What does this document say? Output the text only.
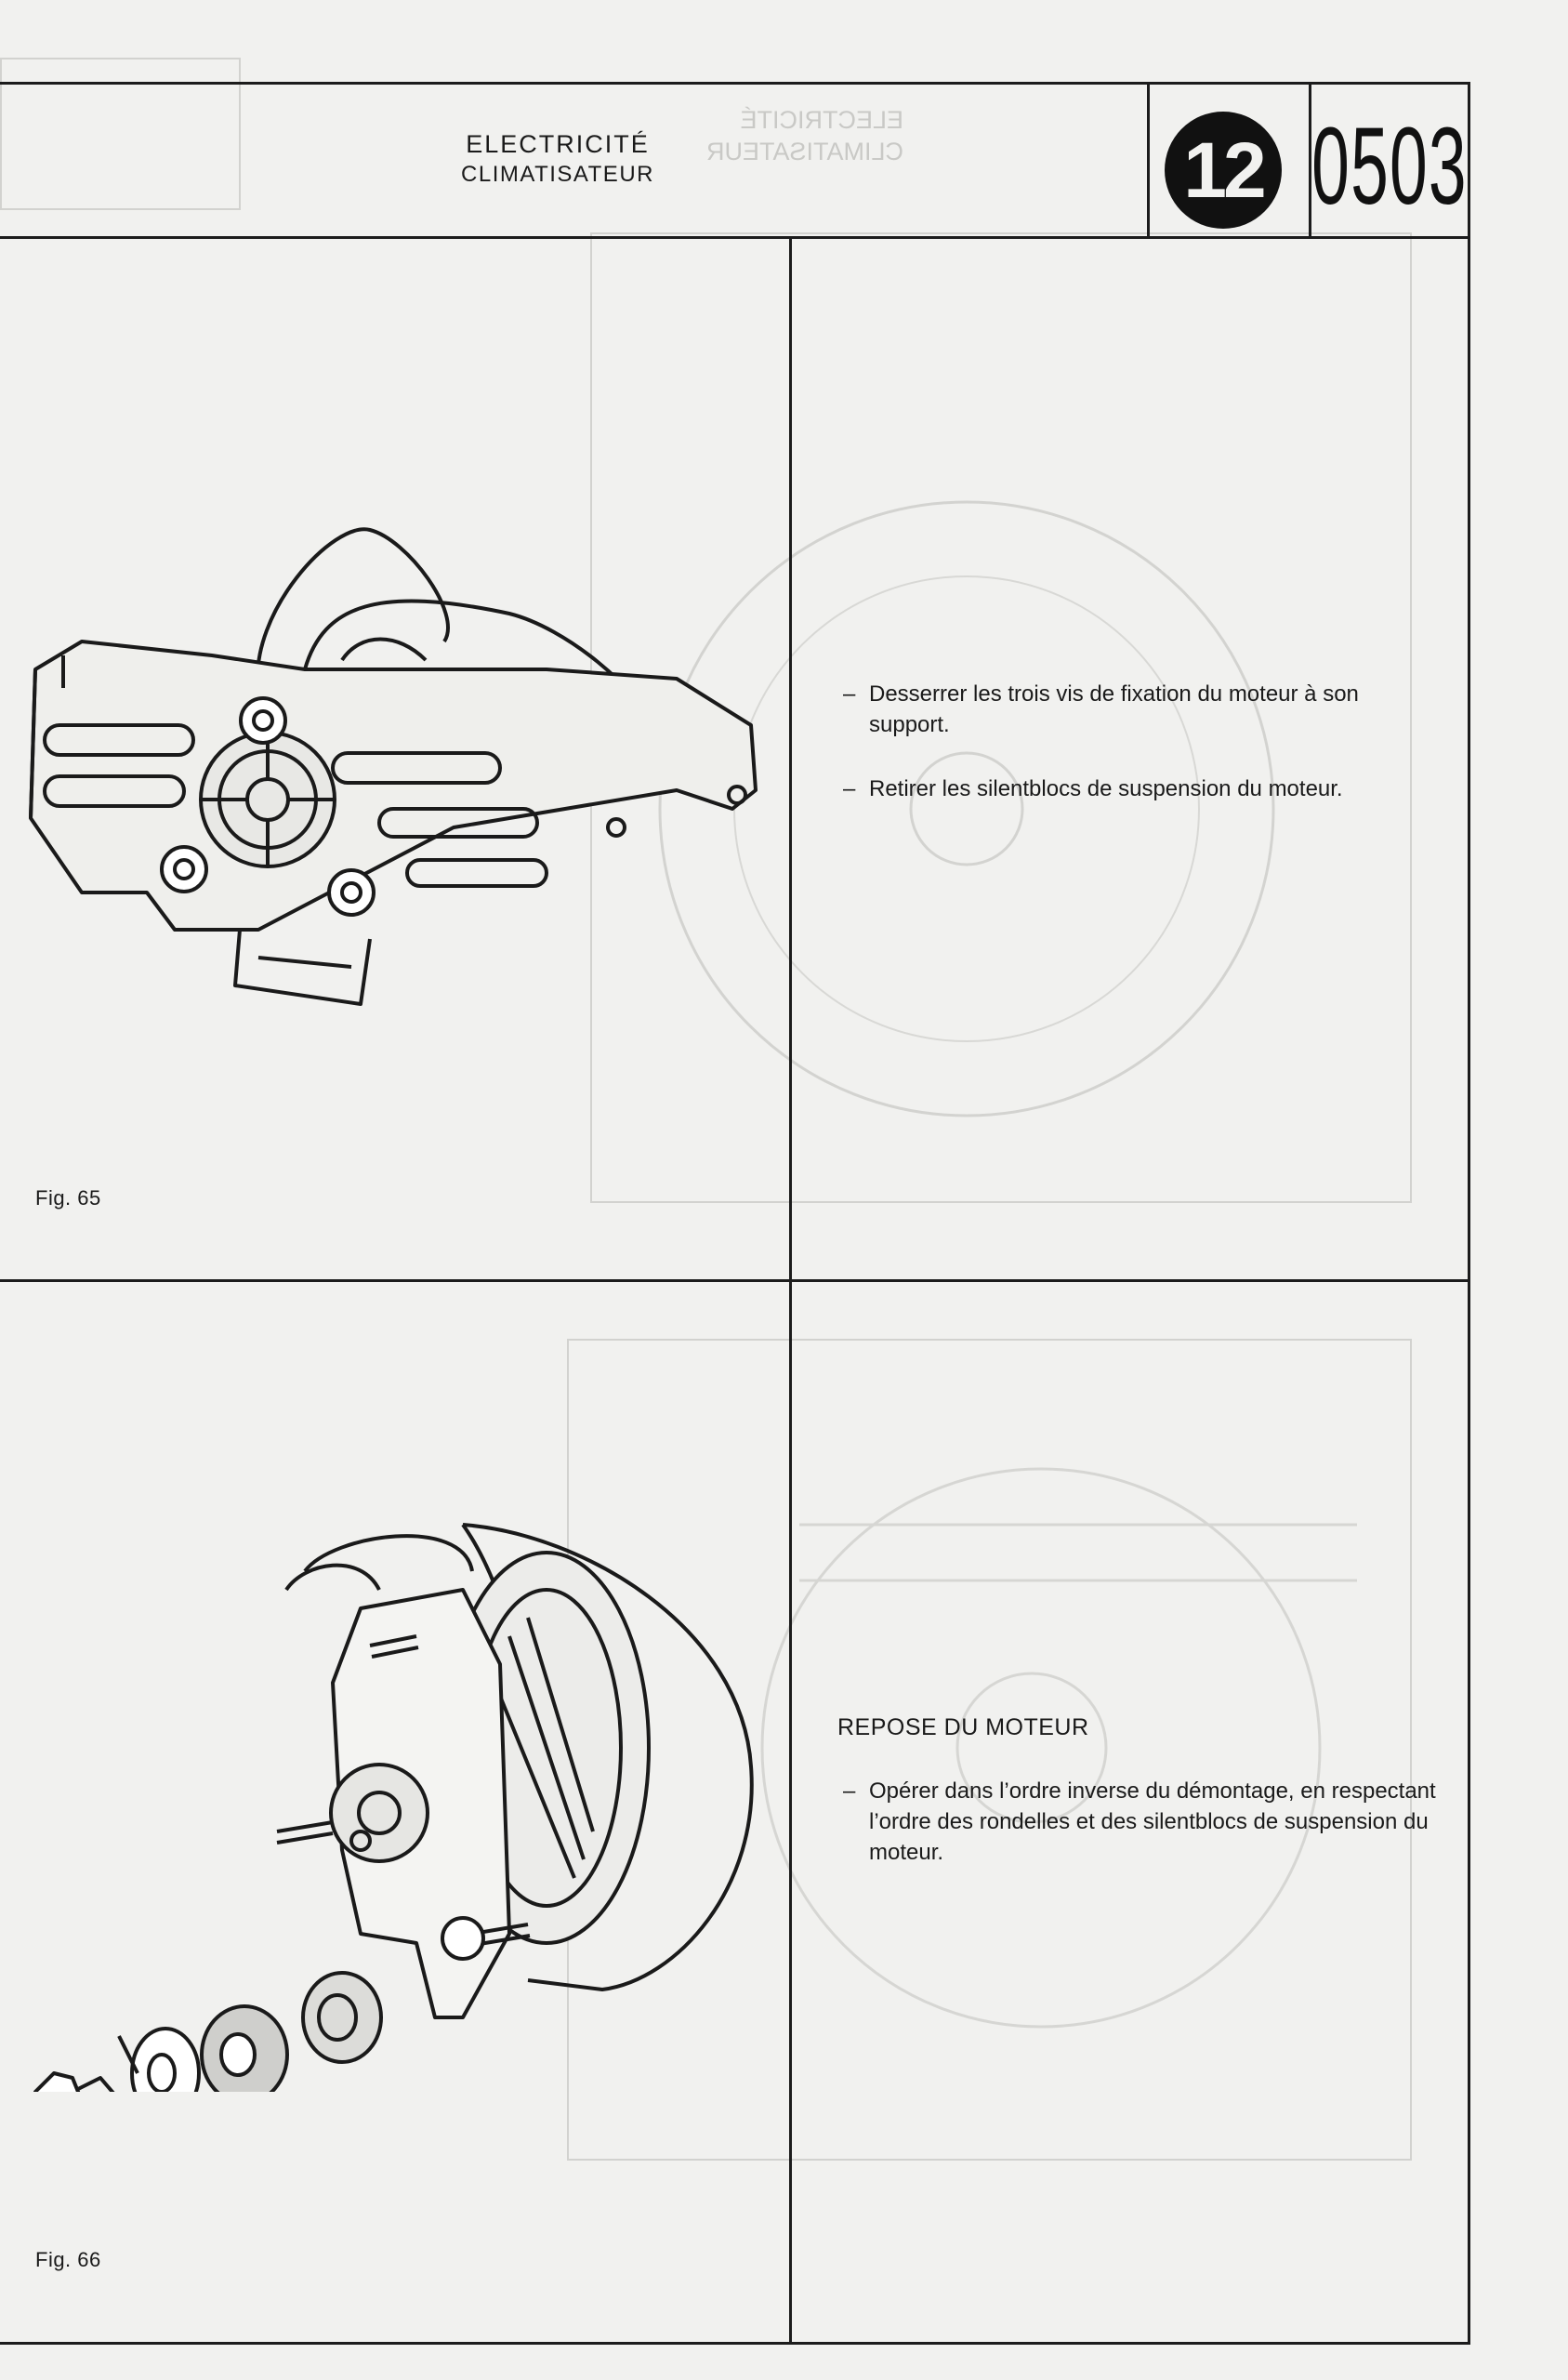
ELECTRICITÉ
CLIMATISATEUR
ELECTRICITÉ
CLIMATISATEUR	12 0503
Fig. 65
– Desserrer les trois vis de fixation du moteur à son support.
– Retirer les silentblocs de suspension du moteur.
Fig. 66
REPOSE DU MOTEUR
– Opérer dans l’ordre inverse du démontage, en respectant l’ordre des rondelles et des silentblocs de suspension du moteur.
